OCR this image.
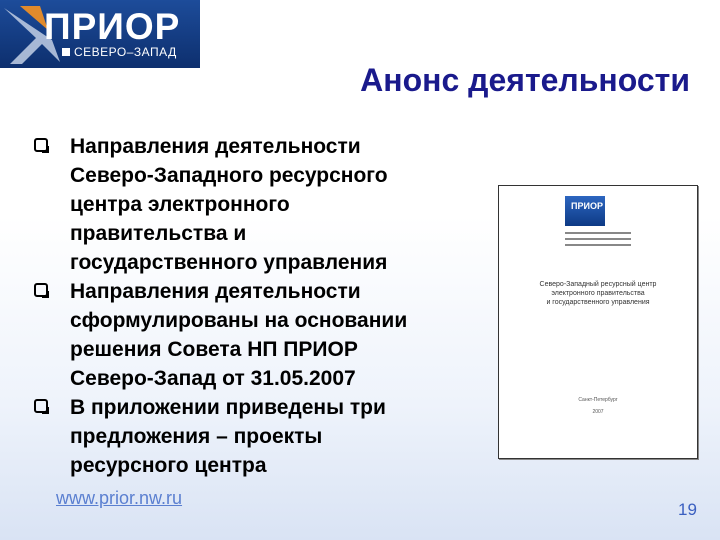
ПРИОР
СЕВЕРО–ЗАПАД
Анонс деятельности
Направления деятельности
Северо-Западного ресурсного
центра электронного
правительства и
государственного управления
Направления деятельности
сформулированы на основании
решения Совета НП ПРИОР
Северо-Запад от 31.05.2007
В приложении приведены три
предложения – проекты
ресурсного центра
ПРИОР
Северо-Западный ресурсный центр
электронного правительства
и государственного управления
Санкт-Петербург
2007
www.prior.nw.ru
19
